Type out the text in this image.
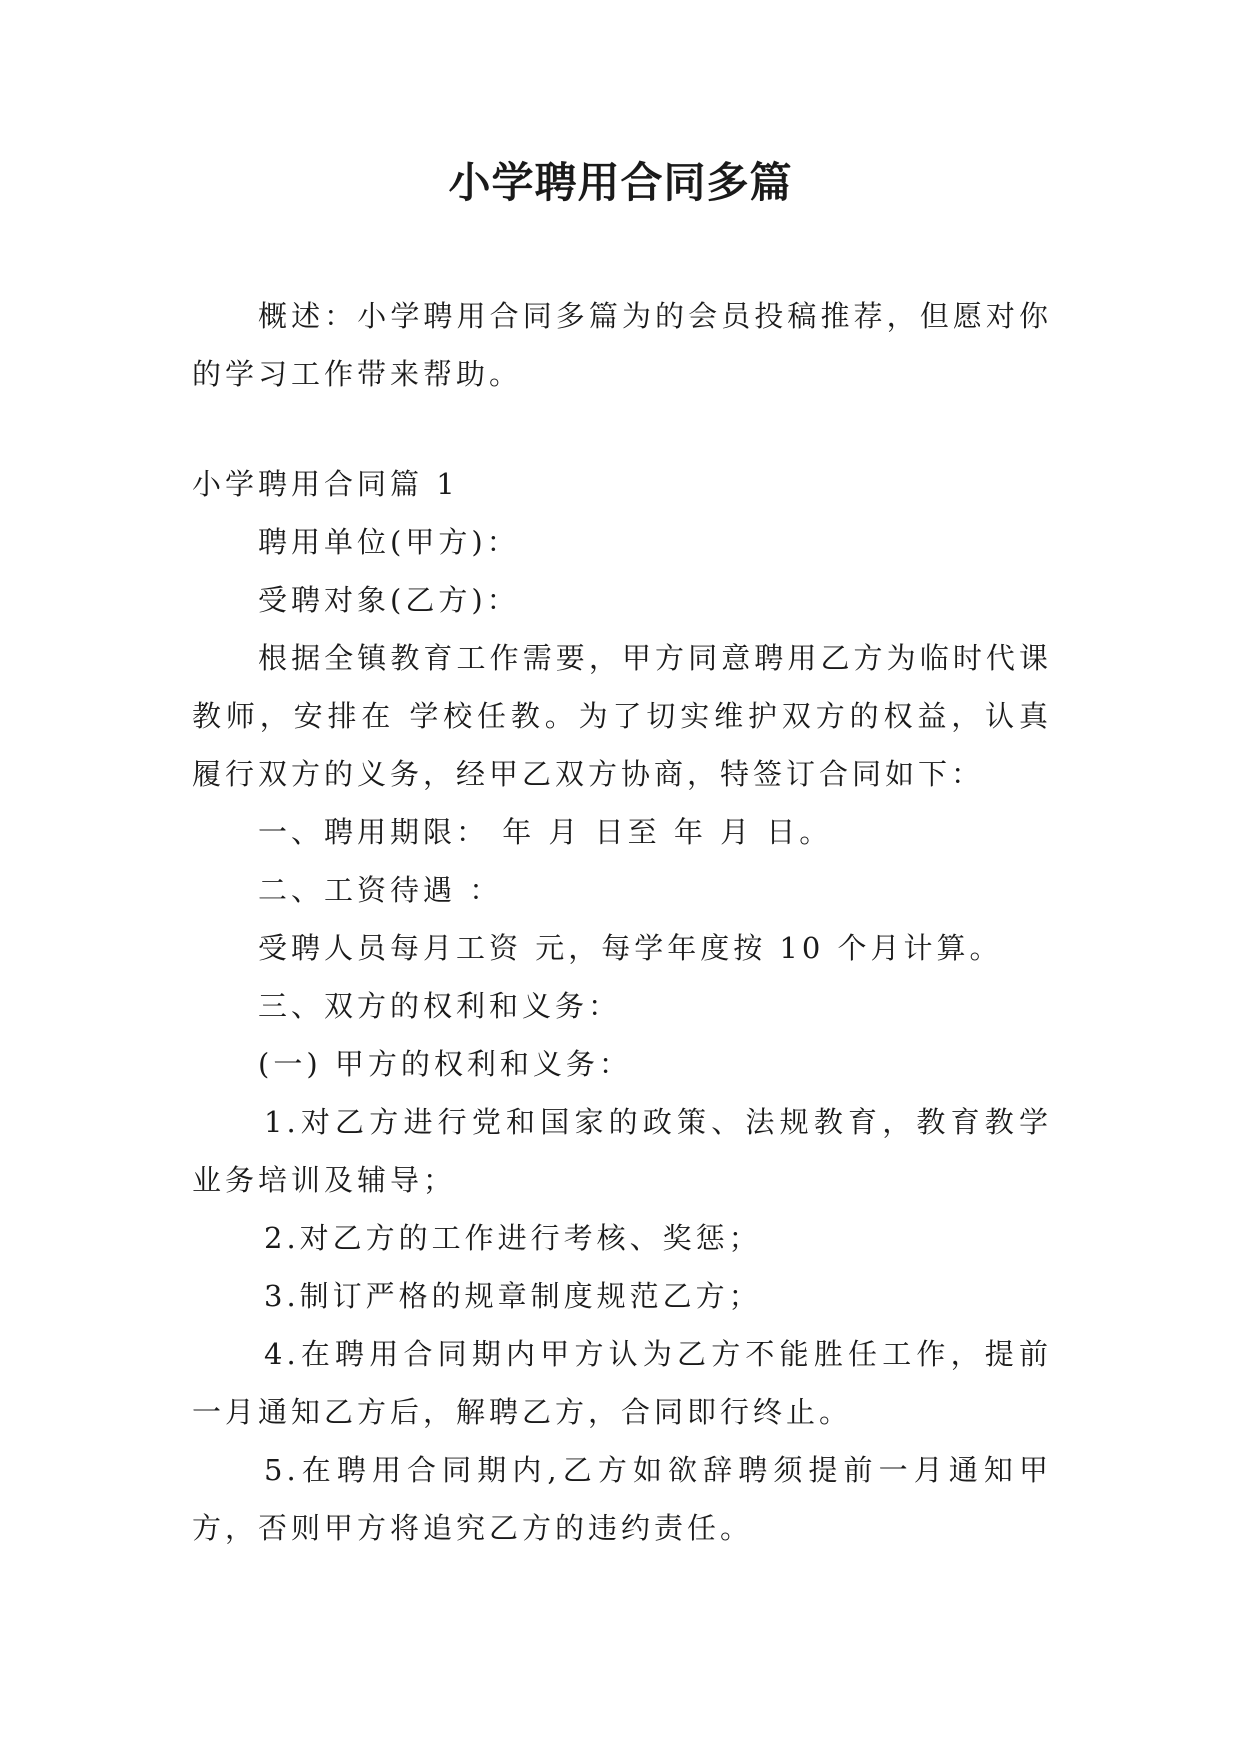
小学聘用合同多篇

概述：小学聘用合同多篇为的会员投稿推荐，但愿对你的学习工作带来帮助。

小学聘用合同篇 1

聘用单位(甲方)：

受聘对象(乙方)：

根据全镇教育工作需要，甲方同意聘用乙方为临时代课教师，安排在 学校任教。为了切实维护双方的权益，认真履行双方的义务，经甲乙双方协商，特签订合同如下：

一、聘用期限： 年 月 日至 年 月 日。

二、工资待遇 ：

受聘人员每月工资 元，每学年度按 10 个月计算。

三、双方的权利和义务：

(一) 甲方的权利和义务：

1.对乙方进行党和国家的政策、法规教育，教育教学业务培训及辅导；

2.对乙方的工作进行考核、奖惩；

3.制订严格的规章制度规范乙方；

4.在聘用合同期内甲方认为乙方不能胜任工作，提前一月通知乙方后，解聘乙方，合同即行终止。

5.在聘用合同期内,乙方如欲辞聘须提前一月通知甲方，否则甲方将追究乙方的违约责任。
